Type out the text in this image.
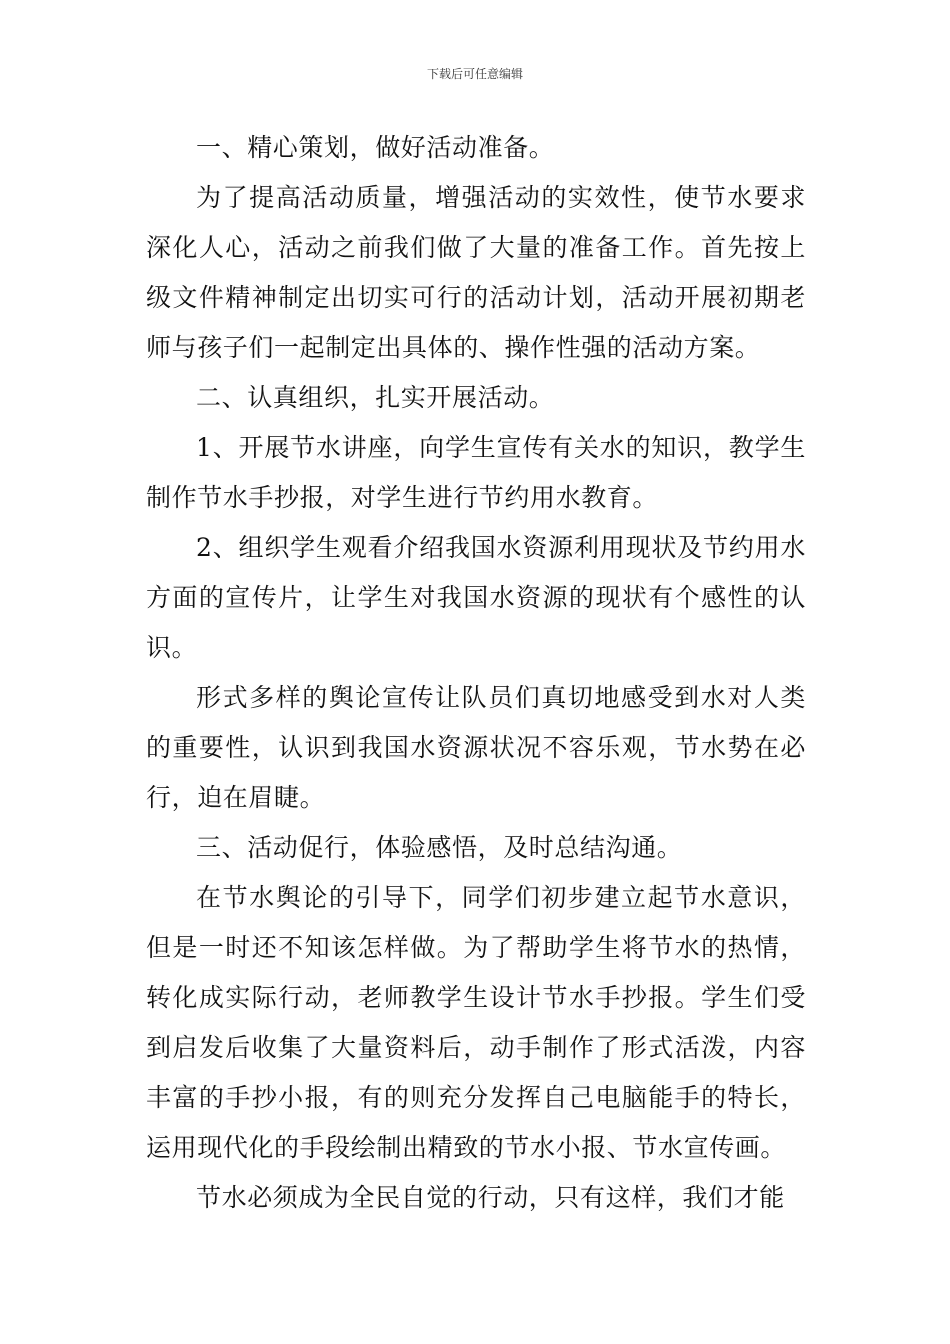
下载后可任意编辑

一、精心策划，做好活动准备。

为了提高活动质量，增强活动的实效性，使节水要求深化人心，活动之前我们做了大量的准备工作。首先按上级文件精神制定出切实可行的活动计划，活动开展初期老师与孩子们一起制定出具体的、操作性强的活动方案。

二、认真组织，扎实开展活动。

1、开展节水讲座，向学生宣传有关水的知识，教学生制作节水手抄报，对学生进行节约用水教育。

2、组织学生观看介绍我国水资源利用现状及节约用水方面的宣传片，让学生对我国水资源的现状有个感性的认识。

形式多样的舆论宣传让队员们真切地感受到水对人类的重要性，认识到我国水资源状况不容乐观，节水势在必行，迫在眉睫。

三、活动促行，体验感悟，及时总结沟通。

在节水舆论的引导下，同学们初步建立起节水意识，但是一时还不知该怎样做。为了帮助学生将节水的热情，转化成实际行动，老师教学生设计节水手抄报。学生们受到启发后收集了大量资料后，动手制作了形式活泼，内容丰富的手抄小报，有的则充分发挥自己电脑能手的特长，运用现代化的手段绘制出精致的节水小报、节水宣传画。

节水必须成为全民自觉的行动，只有这样，我们才能
